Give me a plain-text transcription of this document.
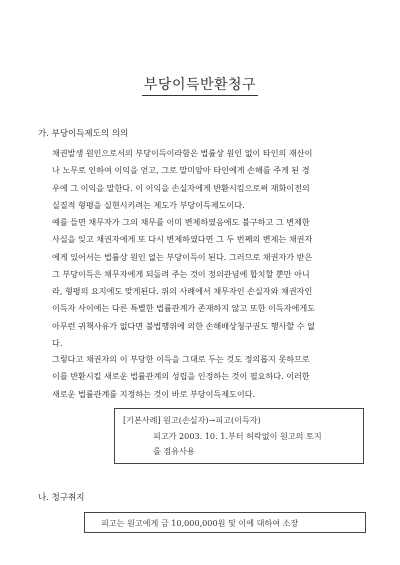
부당이득반환청구
가. 부당이득제도의 의의
채권발생 원인으로서의 부당이득이라함은 법률상 원인 없이 타인의 재산이
나 노무로 인하여 이익을 얻고, 그로 말미암아 타인에게 손해를 주게 된 경
우에 그 이익을 말한다. 이 이익을 손실자에게 반환시킴으로써 재화이전의
실질적 형평을 실현시키려는 제도가 부당이득제도이다.
예를 들면 채무자가 그의 채무를 이미 변제하였음에도 불구하고 그 변제한
사실을 잊고 채권자에게 또 다시 변제하였다면 그 두 번째의 변제는 채권자
에게 있어서는 법률상 원인 없는 부당이득이 된다. 그러므로 채권자가 받은
그 부당이득은 채무자에게 되돌려 주는 것이 정의관념에 합치할 뿐만 아니
라, 형평의 요지에도 맞게된다. 위의 사례에서 채무자인 손실자와 채권자인
이득자 사이에는 다른 특별한 법률관계가 존재하지 않고 또한 이득자에게도
아무런 귀책사유가 없다면 불법행위에 의한 손해배상청구권도 행사할 수 없
다.
그렇다고 채권자의 이 부당한 이득을 그대로 두는 것도 정의롭지 못하므로
이를 반환시킬 새로운 법률관계의 성립을 인정하는 것이 필요하다. 이러한
새로운 법률관계를 지정하는 것이 바로 부당이득제도이다.
[기본사례] 원고(손실자)→피고(이득자)
피고가 2003. 10. 1.부터 허락없이 원고의 토지
를 점유사용
나. 청구취지
피고는 원고에게 금 10,000,000원 및 이에 대하여 소장
